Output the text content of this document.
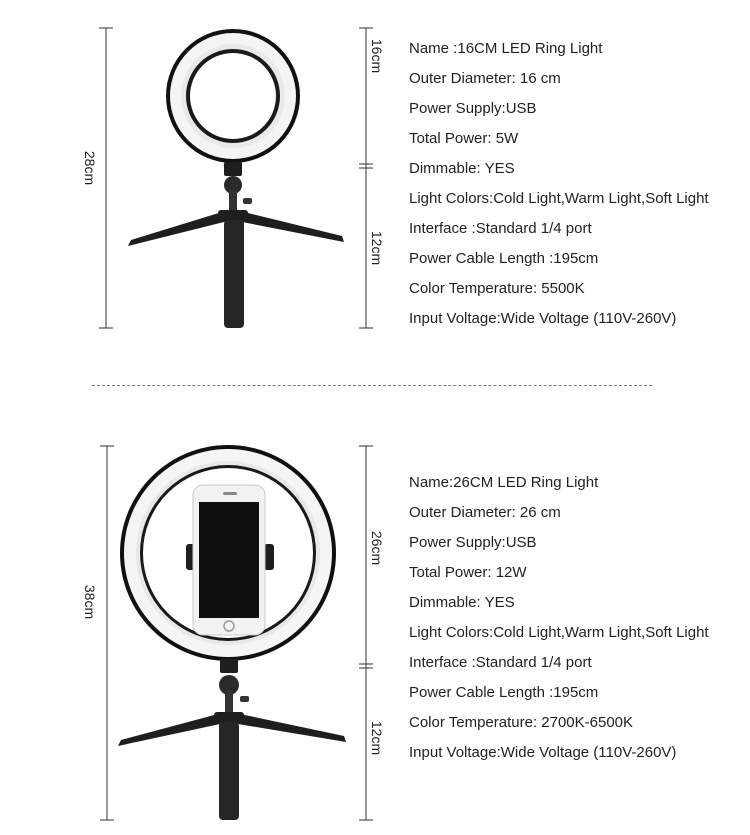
28cm
16cm
12cm
Name :16CM LED Ring Light
Outer Diameter: 16 cm
Power Supply:USB
Total Power: 5W
Dimmable: YES
Light Colors:Cold Light,Warm Light,Soft Light
Interface :Standard 1/4 port
Power Cable Length :195cm
Color Temperature: 5500K
Input Voltage:Wide Voltage (110V-260V)
38cm
26cm
12cm
Name:26CM LED Ring Light
Outer Diameter: 26 cm
Power Supply:USB
Total Power: 12W
Dimmable: YES
Light Colors:Cold Light,Warm Light,Soft Light
Interface :Standard 1/4 port
Power Cable Length :195cm
Color Temperature: 2700K-6500K
Input Voltage:Wide Voltage (110V-260V)
